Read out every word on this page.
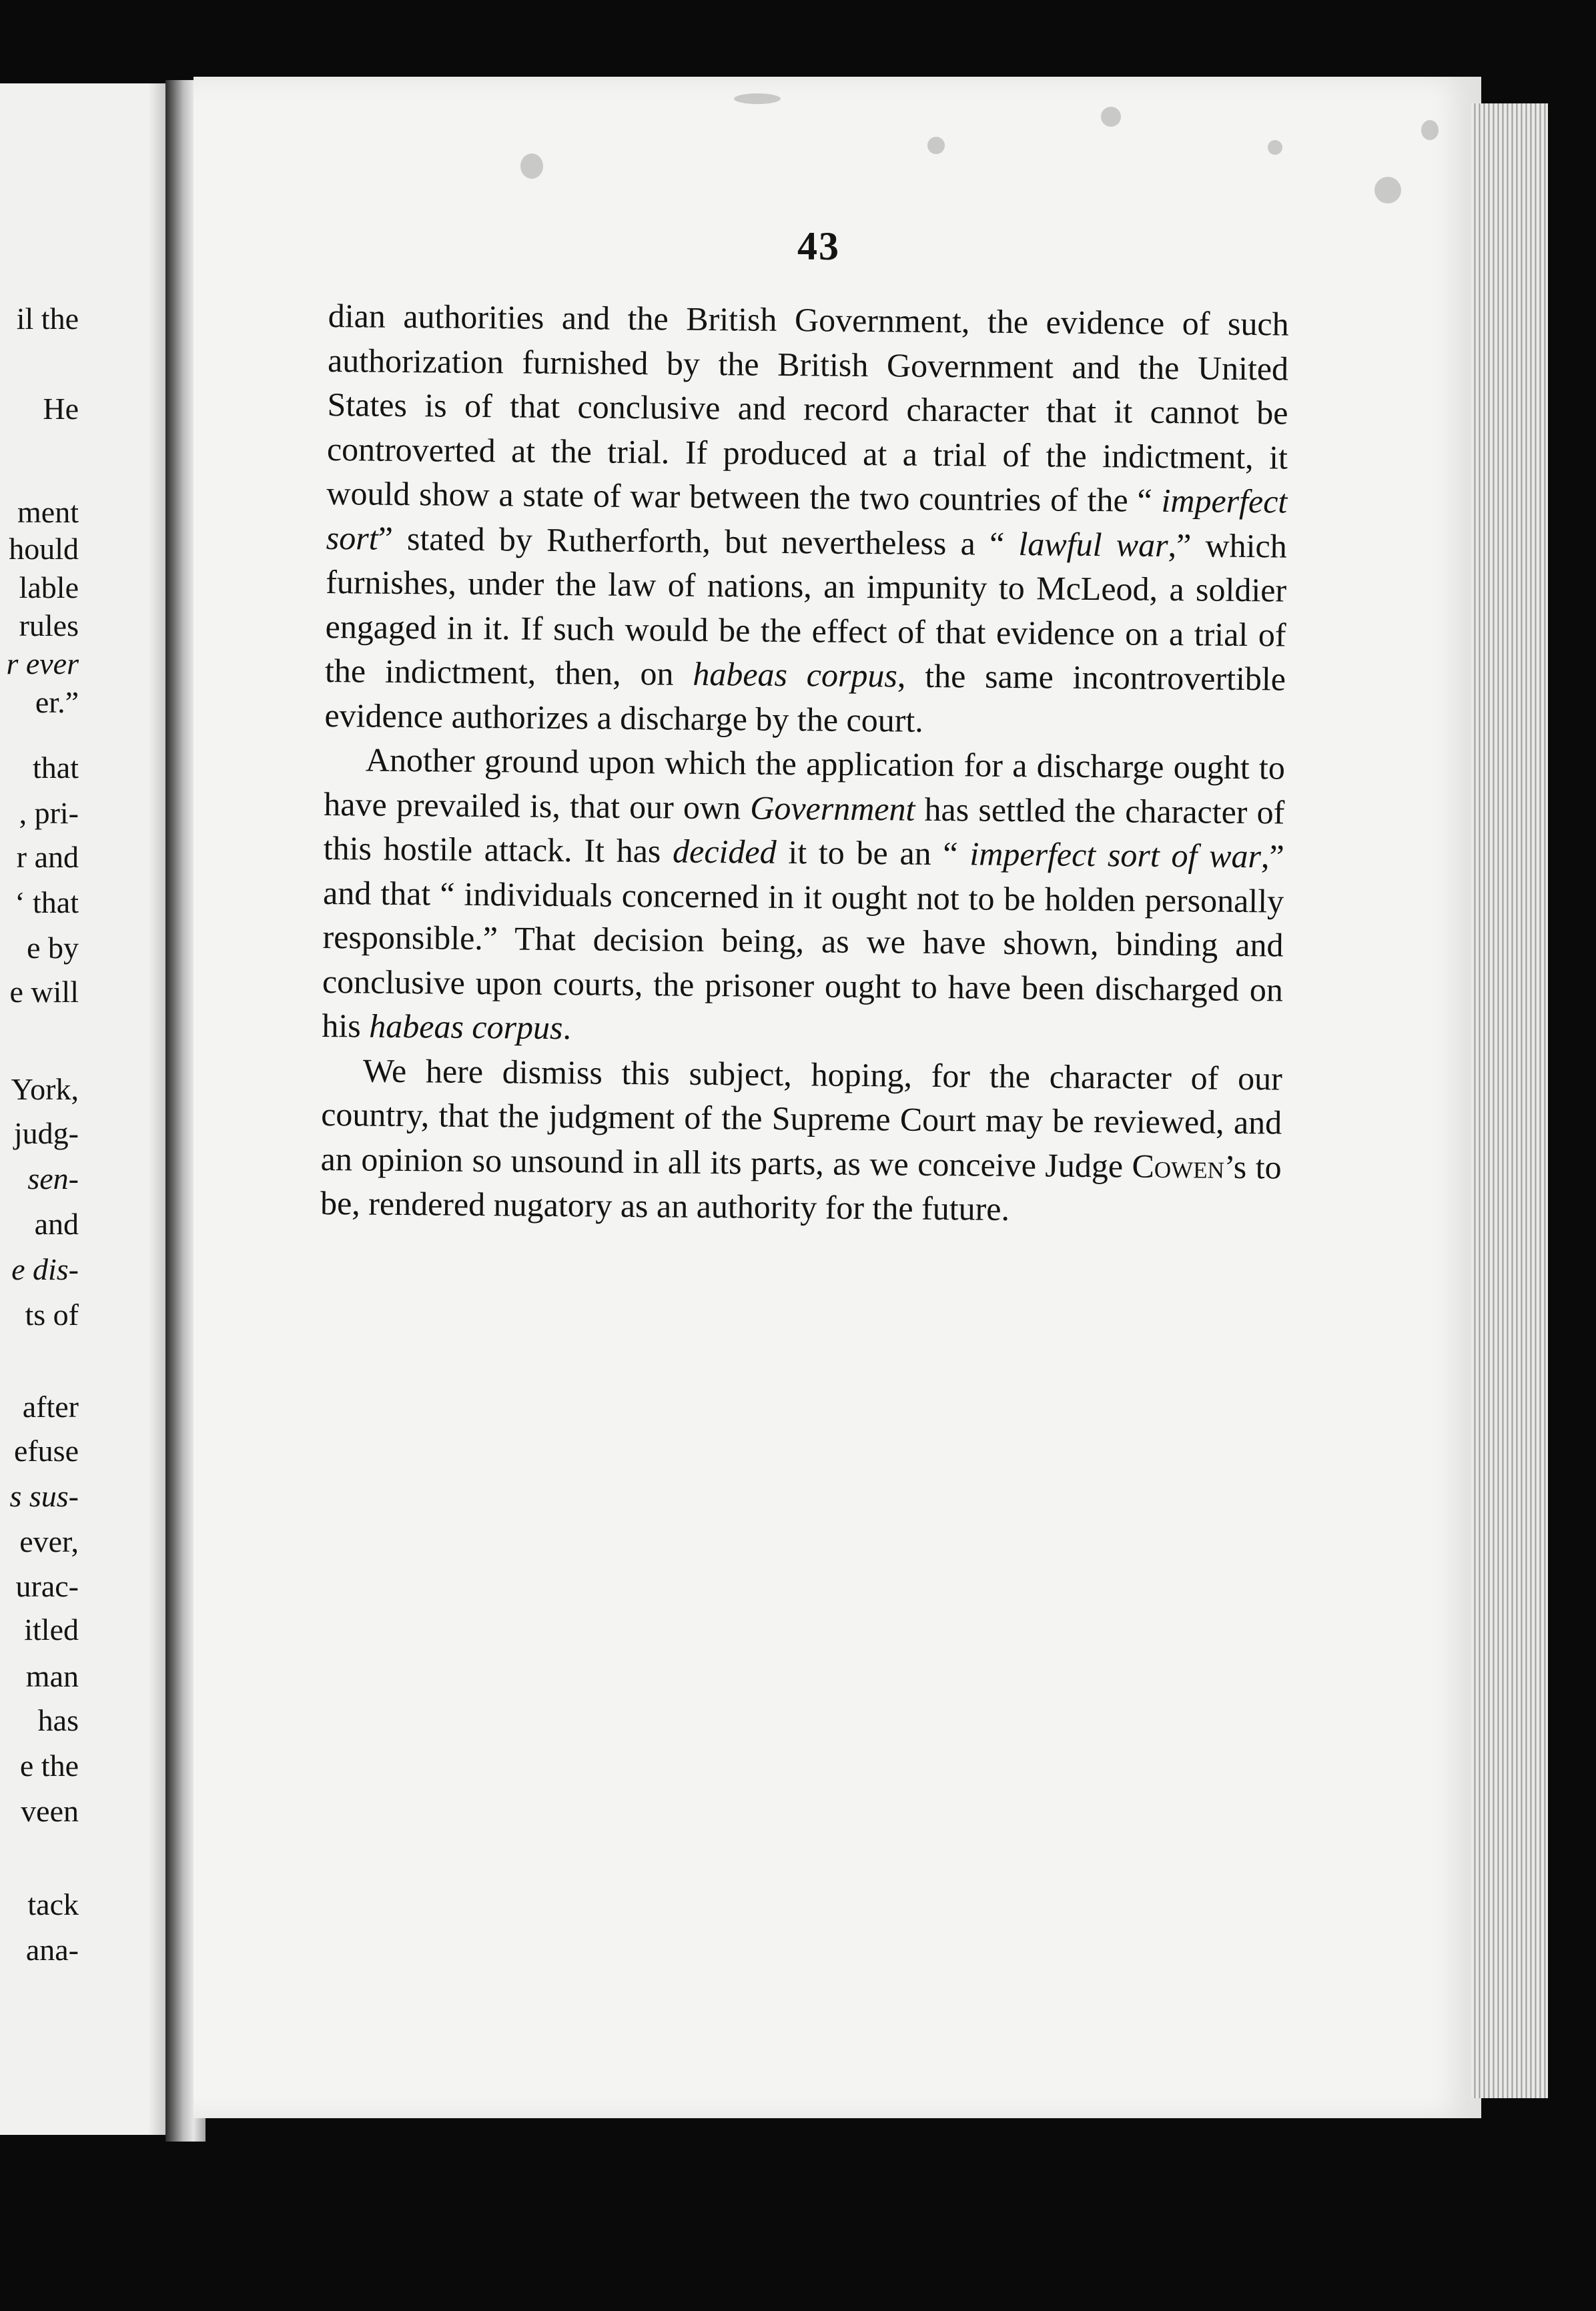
il the
He
ment
hould
lable
rules
r ever
er.”
that
, pri-
r and
‘ that
e by
e will
York,
judg-
sen-
and
e dis-
ts of
after
efuse
s sus-
ever,
urac-
itled
man
has
e the
veen
tack
ana-
43

dian authorities and the British Government, the evidence of such authorization furnished by the British Government and the United States is of that conclusive and record character that it cannot be controverted at the trial. If produced at a trial of the indictment, it would show a state of war between the two countries of the “ imperfect sort” stated by Rutherforth, but nevertheless a “ lawful war,” which furnishes, under the law of nations, an impunity to McLeod, a soldier engaged in it. If such would be the effect of that evidence on a trial of the indictment, then, on habeas corpus, the same incontrovertible evidence authorizes a discharge by the court.

Another ground upon which the application for a discharge ought to have prevailed is, that our own Government has settled the character of this hostile attack. It has decided it to be an “ imperfect sort of war,” and that “ individuals concerned in it ought not to be holden personally responsible.” That decision being, as we have shown, binding and conclusive upon courts, the prisoner ought to have been discharged on his habeas corpus.

We here dismiss this subject, hoping, for the character of our country, that the judgment of the Supreme Court may be reviewed, and an opinion so unsound in all its parts, as we conceive Judge Cowen’s to be, rendered nugatory as an authority for the future.
